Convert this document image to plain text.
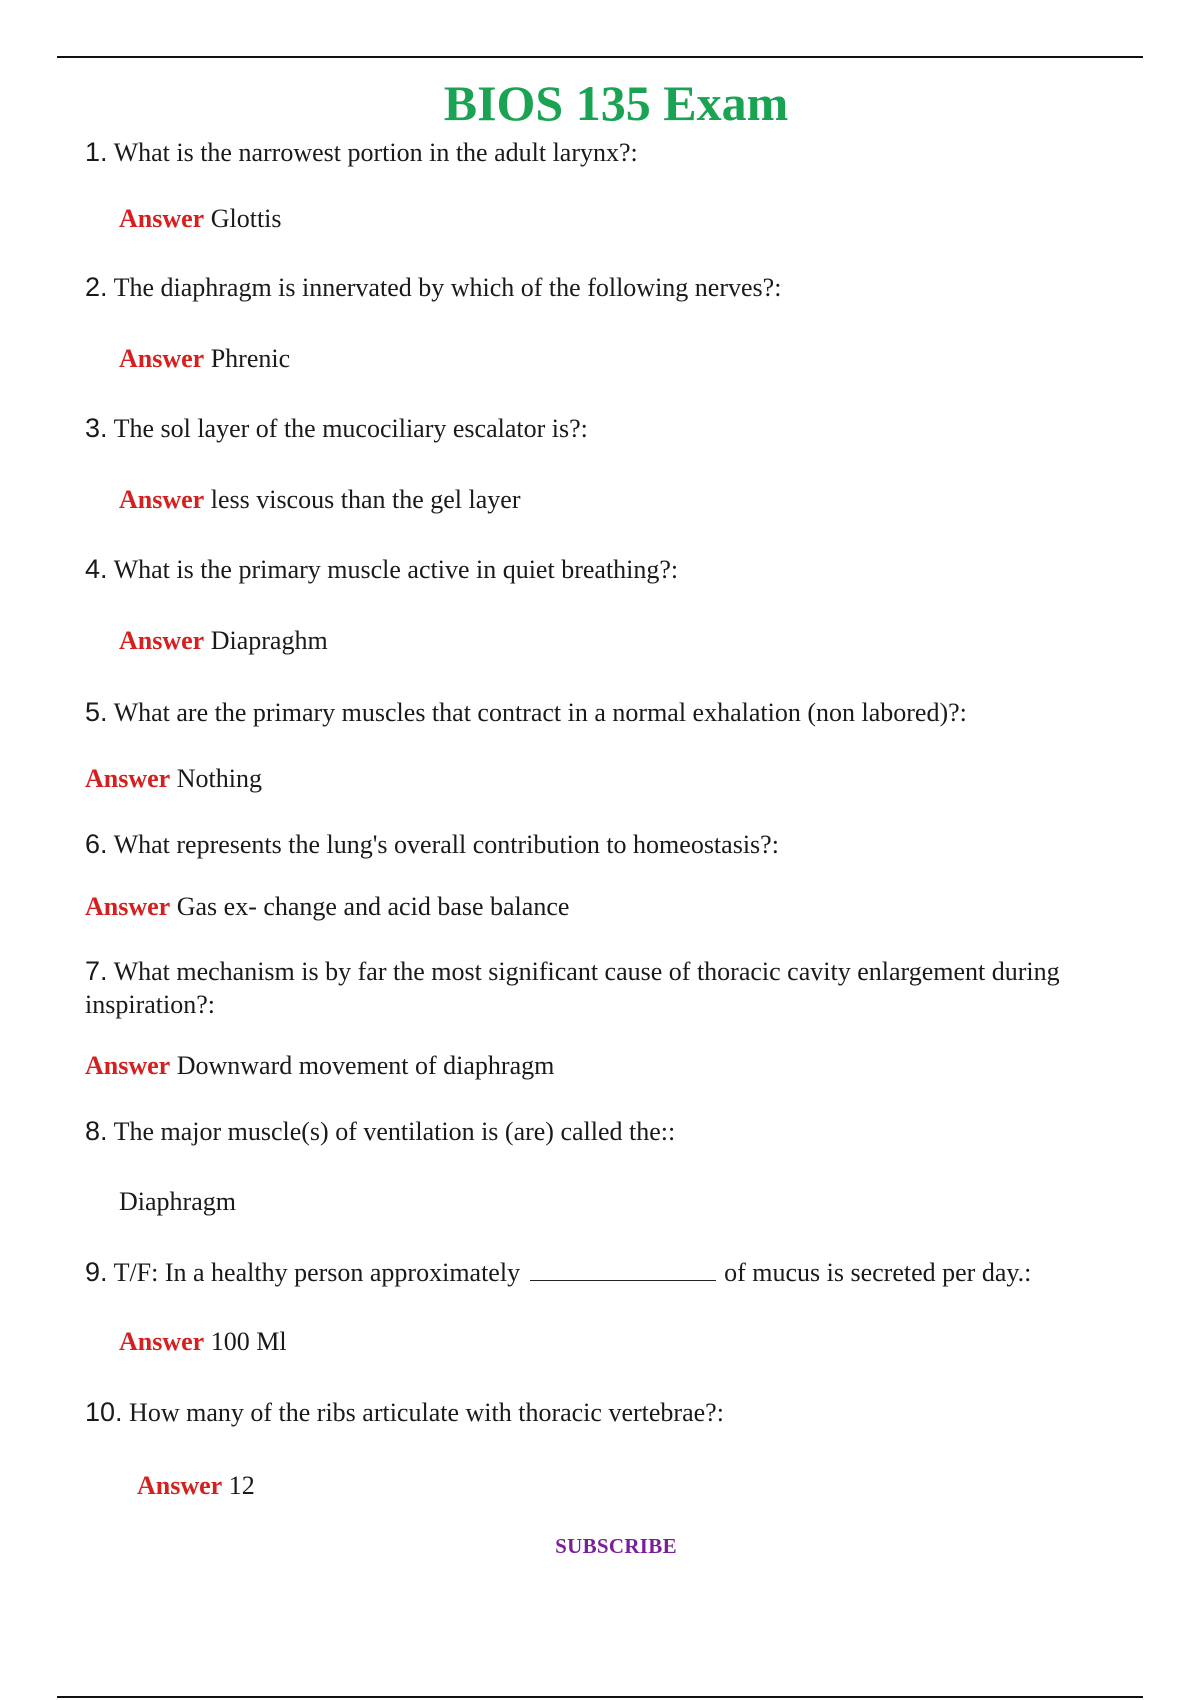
BIOS 135 Exam
1. What is the narrowest portion in the adult larynx?:
Answer Glottis
2. The diaphragm is innervated by which of the following nerves?:
Answer Phrenic
3. The sol layer of the mucociliary escalator is?:
Answer less viscous than the gel layer
4. What is the primary muscle active in quiet breathing?:
Answer Diapraghm
5. What are the primary muscles that contract in a normal exhalation (non labored)?:
Answer Nothing
6. What represents the lung's overall contribution to homeostasis?:
Answer Gas ex- change and acid base balance
7. What mechanism is by far the most significant cause of thoracic cavity enlargement during inspiration?:
Answer Downward movement of diaphragm
8. The major muscle(s) of ventilation is (are) called the::
Diaphragm
9. T/F: In a healthy person approximately	of mucus is secreted per day.:
Answer 100 Ml
10. How many of the ribs articulate with thoracic vertebrae?:
Answer 12
SUBSCRIBE
